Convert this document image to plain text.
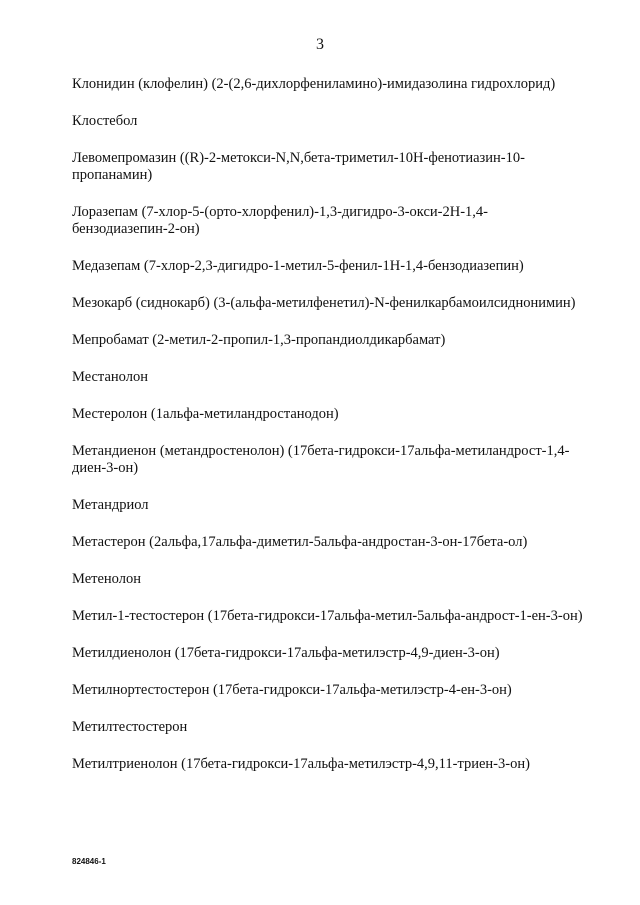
3
Клонидин (клофелин) (2-(2,6-дихлорфениламино)-имидазолина гидрохлорид)
Клостебол
Левомепромазин ((R)-2-метокси-N,N,бета-триметил-10Н-фенотиазин-10-пропанамин)
Лоразепам (7-хлор-5-(орто-хлорфенил)-1,3-дигидро-3-окси-2Н-1,4-бензодиазепин-2-он)
Медазепам (7-хлор-2,3-дигидро-1-метил-5-фенил-1Н-1,4-бензодиазепин)
Мезокарб (сиднокарб) (3-(альфа-метилфенетил)-N-фенилкарбамоилсиднонимин)
Мепробамат (2-метил-2-пропил-1,3-пропандиолдикарбамат)
Местанолон
Местеролон (1альфа-метиландростанодон)
Метандиенон (метандростенолон) (17бета-гидрокси-17альфа-метиландрост-1,4-диен-3-он)
Метандриол
Метастерон (2альфа,17альфа-диметил-5альфа-андростан-3-он-17бета-ол)
Метенолон
Метил-1-тестостерон (17бета-гидрокси-17альфа-метил-5альфа-андрост-1-ен-3-он)
Метилдиенолон (17бета-гидрокси-17альфа-метилэстр-4,9-диен-3-он)
Метилнортестостерон (17бета-гидрокси-17альфа-метилэстр-4-ен-3-он)
Метилтестостерон
Метилтриенолон (17бета-гидрокси-17альфа-метилэстр-4,9,11-триен-3-он)
824846-1
